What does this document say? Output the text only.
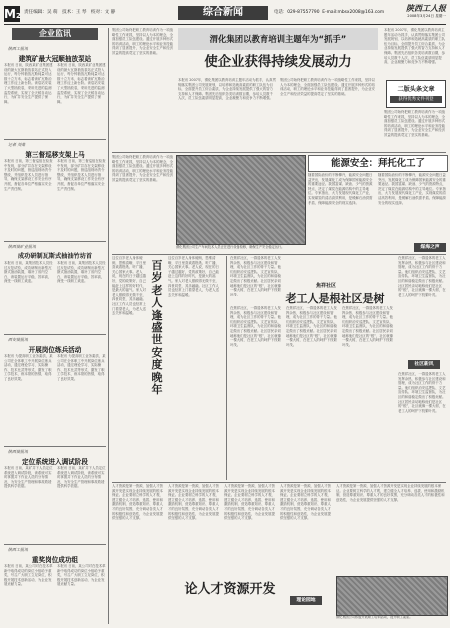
M2 责任编辑：吴 萌 技术：王 琴 校对：文 静	综合新闻	电话：029-87557790 E-mail:mbsx2008@163.com	陕西工人报
2008年3月24日 星期一
企业监讯
陕西工报讯
建筑矿最大冠顺抽放泵站
本报讯 日前，陕西某矿业集团建设的最大瓦斯抽放泵站正式投入运行，每分钟抽放瓦斯纯量可达数十立方米，标志着该矿瓦斯治理工作迈上新台阶。该泵站安装了大型抽放泵，采用先进的监测监控系统，实现了全天候自动运行，为矿井安全生产提供了保障。
本报讯 日前，陕西某矿业集团建设的最大瓦斯抽放泵站正式投入运行，每分钟抽放瓦斯纯量可达数十立方米，标志着该矿瓦斯治理工作迈上新台阶。该泵站安装了大型抽放泵，采用先进的监测监控系统，实现了全天候自动运行，为矿井安全生产提供了保障。
记者 刘某
第三督巡移支架上马
本报讯 日前，第三督巡组在检查中发现，部分矿井存在支架移设不及时的问题，督巡组现场责令整改，并组织技术人员进行指导，确保支架移设工作安全有序开展，督促各单位严格落实安全生产责任制。
本报讯 日前，第三督巡组在检查中发现，部分矿井存在支架移设不及时的问题，督巡组现场责令整改，并组织技术人员进行指导，确保支架移设工作安全有序开展，督促各单位严格落实安全生产责任制。
陕西某矿业报讯
成功研制瓦斯式抽油竹坊首
本报讯 日前，某集团技术人员经过反复试验，成功研制出新型瓦斯式抽油装置，填补了省内空白，该装置运行平稳，效率高，深受一线职工欢迎。
本报讯 日前，某集团技术人员经过反复试验，成功研制出新型瓦斯式抽油装置，填补了省内空白，该装置运行平稳，效率高，深受一线职工欢迎。
西安某报讯
开展岗位练兵活动
本报讯 为提高职工业务素质，某公司在全体职工中开展岗位练兵活动，通过理论学习、实际操作、技术比武等形式，激发了职工学技术、练本领的热情，取得了良好效果。
本报讯 为提高职工业务素质，某公司在全体职工中开展岗位练兵活动，通过理论学习、实际操作、技术比武等形式，激发了职工学技术、练本领的热情，取得了良好效果。
陕西某报讯
定位系统进入调试阶段
本报讯 日前，某矿井下人员定位系统进入调试阶段，该系统可实时掌握井下作业人员的分布情况，为安全生产管理和事故救援提供科学依据。
本报讯 日前，某矿井下人员定位系统进入调试阶段，该系统可实时掌握井下作业人员的分布情况，为安全生产管理和事故救援提供科学依据。
陕西工报讯
重奖岗位成功组
本报讯 日前，某公司对在技术革新中取得成功的岗位小组给予重奖，号召广大职工立足岗位，积极开展技术创新活动，为企业发展贡献力量。
本报讯 日前，某公司对在技术革新中取得成功的岗位小组给予重奖，号召广大职工立足岗位，积极开展技术创新活动，为企业发展贡献力量。
集团公司始终把职工教育培训作为一项战略性工作来抓，坚持以人为本的理念，全面加强员工队伍建设。通过开展多种形式的培训活动，职工的理论水平和业务技能得到了显著提升，为企业安全生产和经济效益的提高奠定了坚实的基础。
渭化集团以教育培训主题年为“抓手”
使企业获得持续发展动力
本报讯 2007年，渭化集团以教育培训主题年活动为抓手，认真贯彻落实集团公司发展规划，以培养和造就高素质的职工队伍为目标，全面提升员工综合素质，为企业持续发展提供了强大的智力支持和人才保障。集团先后组织各类培训数百期，参培人员数千人次，员工队伍素质明显提高，企业凝聚力和竞争力不断增强。
集团公司始终把职工教育培训作为一项战略性工作来抓，坚持以人为本的理念，全面加强员工队伍建设。通过开展多种形式的培训活动，职工的理论水平和业务技能得到了显著提升，为企业安全生产和经济效益的提高奠定了坚实的基础。
本报讯 2007年，渭化集团以教育培训主题年活动为抓手，认真贯彻落实集团公司发展规划，以培养和造就高素质的职工队伍为目标，全面提升员工综合素质，为企业持续发展提供了强大的智力支持和人才保障。集团先后组织各类培训数百期，参培人员数千人次，员工队伍素质明显提高，企业凝聚力和竞争力不断增强。
二版头条文章
获得优秀文件刊登
集团公司始终把职工教育培训作为一项战略性工作来抓，坚持以人为本的理念，全面加强员工队伍建设。通过开展多种形式的培训活动，职工的理论水平和业务技能得到了显著提升，为企业安全生产和经济效益的提高奠定了坚实的基础。
集团公司始终把职工教育培训作为一项战略性工作来抓，坚持以人为本的理念，全面加强员工队伍建设。通过开展多种形式的培训活动，职工的理论水平和业务技能得到了显著提升，为企业安全生产和经济效益的提高奠定了坚实的基础。
渭化集团公司生产车间技术人员正在进行设备检修，确保生产安全稳定运行。
能源安全：拜托化工了
随着国际油价的不断攀升，能源安全问题日益突出，发展煤化工成为保障国家能源安全的重要途径。我国富煤、缺油、少气的资源特点，决定了煤炭在能源结构中的主导地位。专家指出，大力发展现代煤化工产业，实现煤炭的清洁高效利用，是缓解石油供需矛盾、保障能源安全的现实选择。
随着国际油价的不断攀升，能源安全问题日益突出，发展煤化工成为保障国家能源安全的重要途径。我国富煤、缺油、少气的资源特点，决定了煤炭在能源结构中的主导地位。专家指出，大力发展现代煤化工产业，实现煤炭的清洁高效利用，是缓解石油供需矛盾、保障能源安全的现实选择。
煤海之声
这位百岁老人身体硬朗，思维清晰，平日里喜欢看报纸、听广播，关心国家大事。老人说，现在的日子越过越好，党的政策好，自己能赶上这样的好时代，是最大的福气。家人对老人照顾得无微不至，四世同堂，其乐融融。社区工作人员也经常上门看望老人，为老人送去关怀和温暖。
百岁老人逢盛世安度晚年
这位百岁老人身体硬朗，思维清晰，平日里喜欢看报纸、听广播，关心国家大事。老人说，现在的日子越过越好，党的政策好，自己能赶上这样的好时代，是最大的福气。家人对老人照顾得无微不至，四世同堂，其乐融融。社区工作人员也经常上门看望老人，为老人送去关怀和温暖。
在焦祥社区，一群退休的老工人发挥余热，积极参与社区建设和管理，成为社区工作的骨干力量。他们组织治安巡逻队、文艺宣传队、环境卫生监督队，为社区的和谐稳定做出了积极贡献。社区居民亲切地称他们是社区的“根”，社区就像一棵大树，在老工人的呵护下枝繁叶茂。
焦祥社区
老工人是根社区是树
在焦祥社区，一群退休的老工人发挥余热，积极参与社区建设和管理，成为社区工作的骨干力量。他们组织治安巡逻队、文艺宣传队、环境卫生监督队，为社区的和谐稳定做出了积极贡献。社区居民亲切地称他们是社区的“根”，社区就像一棵大树，在老工人的呵护下枝繁叶茂。
在焦祥社区，一群退休的老工人发挥余热，积极参与社区建设和管理，成为社区工作的骨干力量。他们组织治安巡逻队、文艺宣传队、环境卫生监督队，为社区的和谐稳定做出了积极贡献。社区居民亲切地称他们是社区的“根”，社区就像一棵大树，在老工人的呵护下枝繁叶茂。
在焦祥社区，一群退休的老工人发挥余热，积极参与社区建设和管理，成为社区工作的骨干力量。他们组织治安巡逻队、文艺宣传队、环境卫生监督队，为社区的和谐稳定做出了积极贡献。社区居民亲切地称他们是社区的“根”，社区就像一棵大树，在老工人的呵护下枝繁叶茂。
在焦祥社区，一群退休的老工人发挥余热，积极参与社区建设和管理，成为社区工作的骨干力量。他们组织治安巡逻队、文艺宣传队、环境卫生监督队，为社区的和谐稳定做出了积极贡献。社区居民亲切地称他们是社区的“根”，社区就像一棵大树，在老工人的呵护下枝繁叶茂。
社区新风
在焦祥社区，一群退休的老工人发挥余热，积极参与社区建设和管理，成为社区工作的骨干力量。他们组织治安巡逻队、文艺宣传队、环境卫生监督队，为社区的和谐稳定做出了积极贡献。社区居民亲切地称他们是社区的“根”，社区就像一棵大树，在老工人的呵护下枝繁叶茂。
人才资源是第一资源，加强人才资源开发是实现企业持续发展的根本保证。企业要树立科学的人才观，建立健全人才培养、选拔、使用和激励机制，营造尊重知识、尊重人才的良好氛围，充分调动各类人才的积极性和创造性，为企业发展提供坚强的人才支撑。
人才资源是第一资源，加强人才资源开发是实现企业持续发展的根本保证。企业要树立科学的人才观，建立健全人才培养、选拔、使用和激励机制，营造尊重知识、尊重人才的良好氛围，充分调动各类人才的积极性和创造性，为企业发展提供坚强的人才支撑。
人才资源是第一资源，加强人才资源开发是实现企业持续发展的根本保证。企业要树立科学的人才观，建立健全人才培养、选拔、使用和激励机制，营造尊重知识、尊重人才的良好氛围，充分调动各类人才的积极性和创造性，为企业发展提供坚强的人才支撑。
论人才资源开发
人才资源是第一资源，加强人才资源开发是实现企业持续发展的根本保证。企业要树立科学的人才观，建立健全人才培养、选拔、使用和激励机制，营造尊重知识、尊重人才的良好氛围，充分调动各类人才的积极性和创造性，为企业发展提供坚强的人才支撑。
理论园地
渭化集团公司积极开展职工培训活动，提升职工素质。
人才资源是第一资源，加强人才资源开发是实现企业持续发展的根本保证。企业要树立科学的人才观，建立健全人才培养、选拔、使用和激励机制，营造尊重知识、尊重人才的良好氛围，充分调动各类人才的积极性和创造性，为企业发展提供坚强的人才支撑。
